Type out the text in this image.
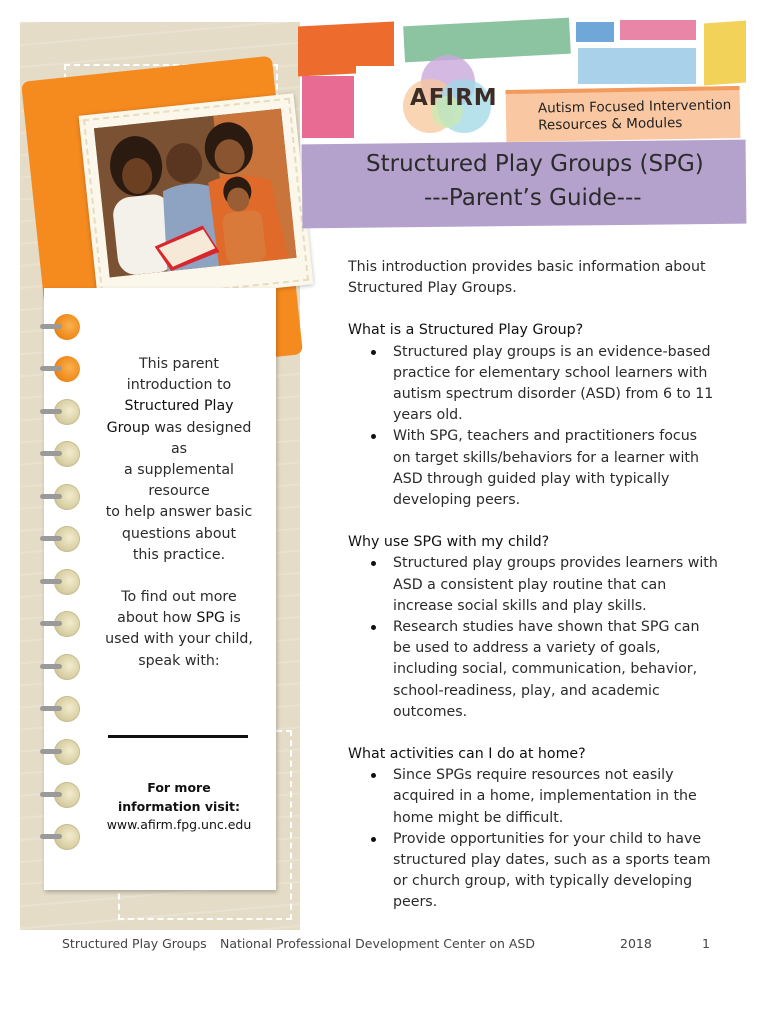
This parent

introduction to

Structured Play

Group was designed

as

a supplemental

resource

to help answer basic

questions about

this practice.

To find out more

about how SPG is

used with your child,

speak with:

For more
information visit:
www.afirm.fpg.unc.edu
AFIRM	Autism Focused Intervention
Resources & Modules
Structured Play Groups (SPG)
---Parent’s Guide---

This introduction provides basic information about Structured Play Groups.

What is a Structured Play Group?

Structured play groups is an evidence-based practice for elementary school learners with autism spectrum disorder (ASD) from 6 to 11 years old.
With SPG, teachers and practitioners focus on target skills/behaviors for a learner with ASD through guided play with typically developing peers.

Why use SPG with my child?

Structured play groups provides learners with ASD a consistent play routine that can increase social skills and play skills.
Research studies have shown that SPG can be used to address a variety of goals, including social, communication, behavior, school-readiness, play, and academic outcomes.

What activities can I do at home?

Since SPGs require resources not easily acquired in a home, implementation in the home might be difficult.
Provide opportunities for your child to have structured play dates, such as a sports team or church group, with typically developing peers.
Structured Play Groups National Professional Development Center on ASD	2018	1
